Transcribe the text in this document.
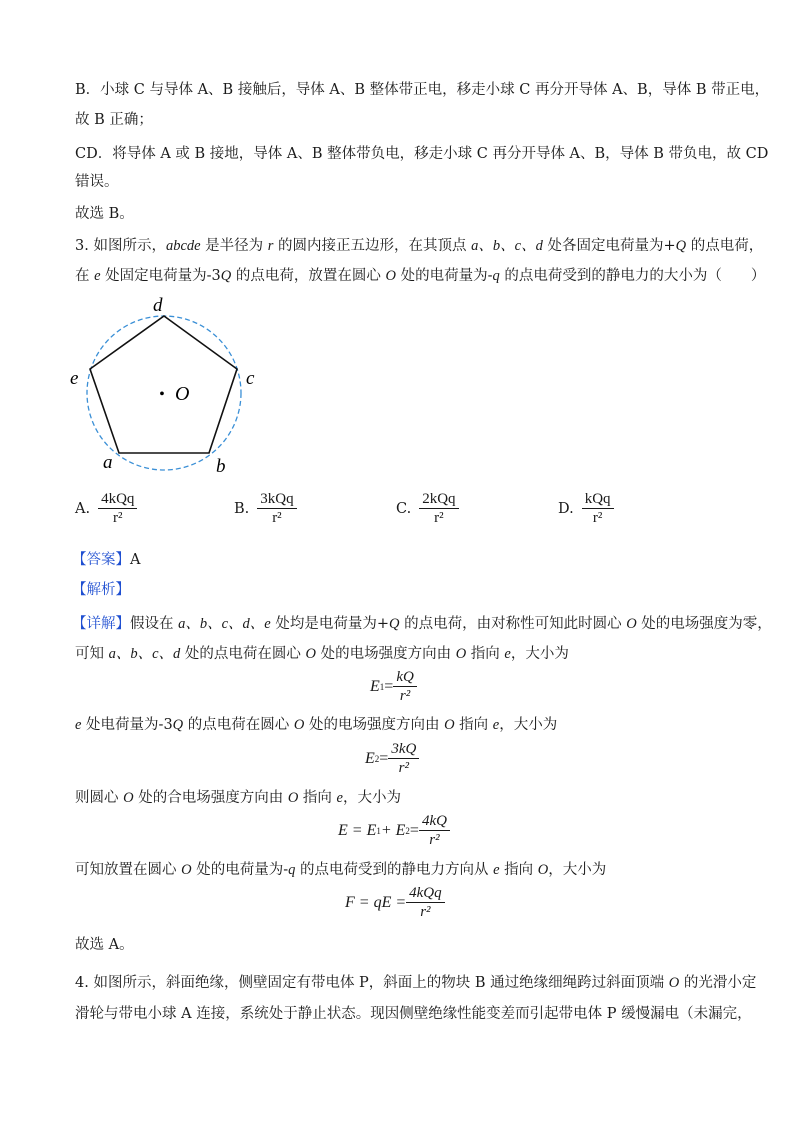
B．小球 C 与导体 A、B 接触后，导体 A、B 整体带正电，移走小球 C 再分开导体 A、B，导体 B 带正电，
故 B 正确；
CD．将导体 A 或 B 接地，导体 A、B 整体带负电，移走小球 C 再分开导体 A、B，导体 B 带负电，故 CD
错误。
故选 B。
3. 如图所示，abcde 是半径为 r 的圆内接正五边形，在其顶点 a、b、c、d 处各固定电荷量为+Q 的点电荷，
在 e 处固定电荷量为-3Q 的点电荷，放置在圆心 O 处的电荷量为-q 的点电荷受到的静电力的大小为（　　）
d
c
e
a	b
• O
A. $\frac{\text{4kQq}}{\text{r²}}$	B. $\frac{\text{3kQq}}{\text{r²}}$	C. $\frac{\text{2kQq}}{\text{r²}}$	D. $\frac{\text{kQq}}{\text{r²}}$
【答案】A
【解析】
【详解】假设在 a、b、c、d、e 处均是电荷量为+Q 的点电荷，由对称性可知此时圆心 O 处的电场强度为零，
可知 a、b、c、d 处的点电荷在圆心 O 处的电场强度方向由 O 指向 e，大小为
E $1 = \frac{kQ}{\text{r²}}$
e 处电荷量为-3Q 的点电荷在圆心 O 处的电场强度方向由 O 指向 e，大小为
E $2 = \frac{3kQ}{\text{r²}}$
则圆心 O 处的合电场强度方向由 O 指向 e，大小为
E = E 1 + E $2 = \frac{4kQ}{\text{r²}}$
可知放置在圆心 O 处的电荷量为-q 的点电荷受到的静电力方向从 e 指向 O，大小为
F = qE = $\frac{\text{4kQq}}{\text{r²}}$
故选 A。
4. 如图所示，斜面绝缘，侧壁固定有带电体 P，斜面上的物块 B 通过绝缘细绳跨过斜面顶端 O 的光滑小定
滑轮与带电小球 A 连接，系统处于静止状态。现因侧壁绝缘性能变差而引起带电体 P 缓慢漏电（未漏完，
